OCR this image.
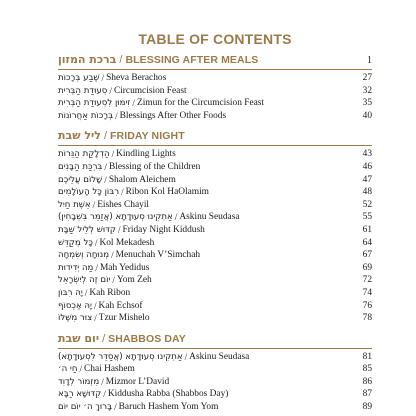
TABLE OF CONTENTS
ברכת המזון / BLESSING AFTER MEALS	1
שֶׁבַע בְּרָכוֹת / Sheva Berachos	27
סְעוּדַת הַבְּרִית / Circumcision Feast	32
זִימּוּן לִסְעוּדַת הַבְּרִית / Zimun for the Circumcision Feast	35
בְּרָכוֹת אַחֲרוֹנוֹת / Blessings After Other Foods	40
ליל שבת / FRIDAY NIGHT
הַדְלָקַת הַנֵּרוֹת / Kindling Lights	43
בִּרְכַּת הַבָּנִים / Blessing of the Children	46
שָׁלוֹם עֲלֵיכֶם / Shalom Aleichem	47
רִבּוֹן כָּל הָעוֹלָמִים / Ribon Kol HaOlamim	48
אֵשֶׁת חַיִל / Eishes Chayil	52
אַתְקִינוּ סְעוּדָתָא (אֲזַמֵּר בִּשְׁבָחִין) / Askinu Seudasa	55
קִדּוּשׁ לְלֵיל שַׁבָּת / Friday Night Kiddush	61
כָּל מְקַדֵּשׁ / Kol Mekadesh	64
מְנוּחָה וְשִׂמְחָה / Menuchah V’Simchah	67
מַה יְדִידוּת / Mah Yedidus	69
יוֹם זֶה לְיִשְׂרָאֵל / Yom Zeh	72
יָהּ רִבּוֹן / Kah Ribon	74
יָהּ אֶכְסוֹף / Kah Echsof	76
צוּר מִשֶּׁלּוֹ / Tzur Mishelo	78
יום שבת / SHABBOS DAY
אַתְקִינוּ סְעוּדָתָא (אֲסַדֵּר לִסְעוּדָתָא) / Askinu Seudasa	81
חַי ה׳ / Chai Hashem	85
מִזְמוֹר לְדָוִד / Mizmor L’David	86
קִדּוּשָׁא רַבָּא / Kiddusha Rabba (Shabbos Day)	87
בָּרוּךְ ה׳ יוֹם יוֹם / Baruch Hashem Yom Yom	89
